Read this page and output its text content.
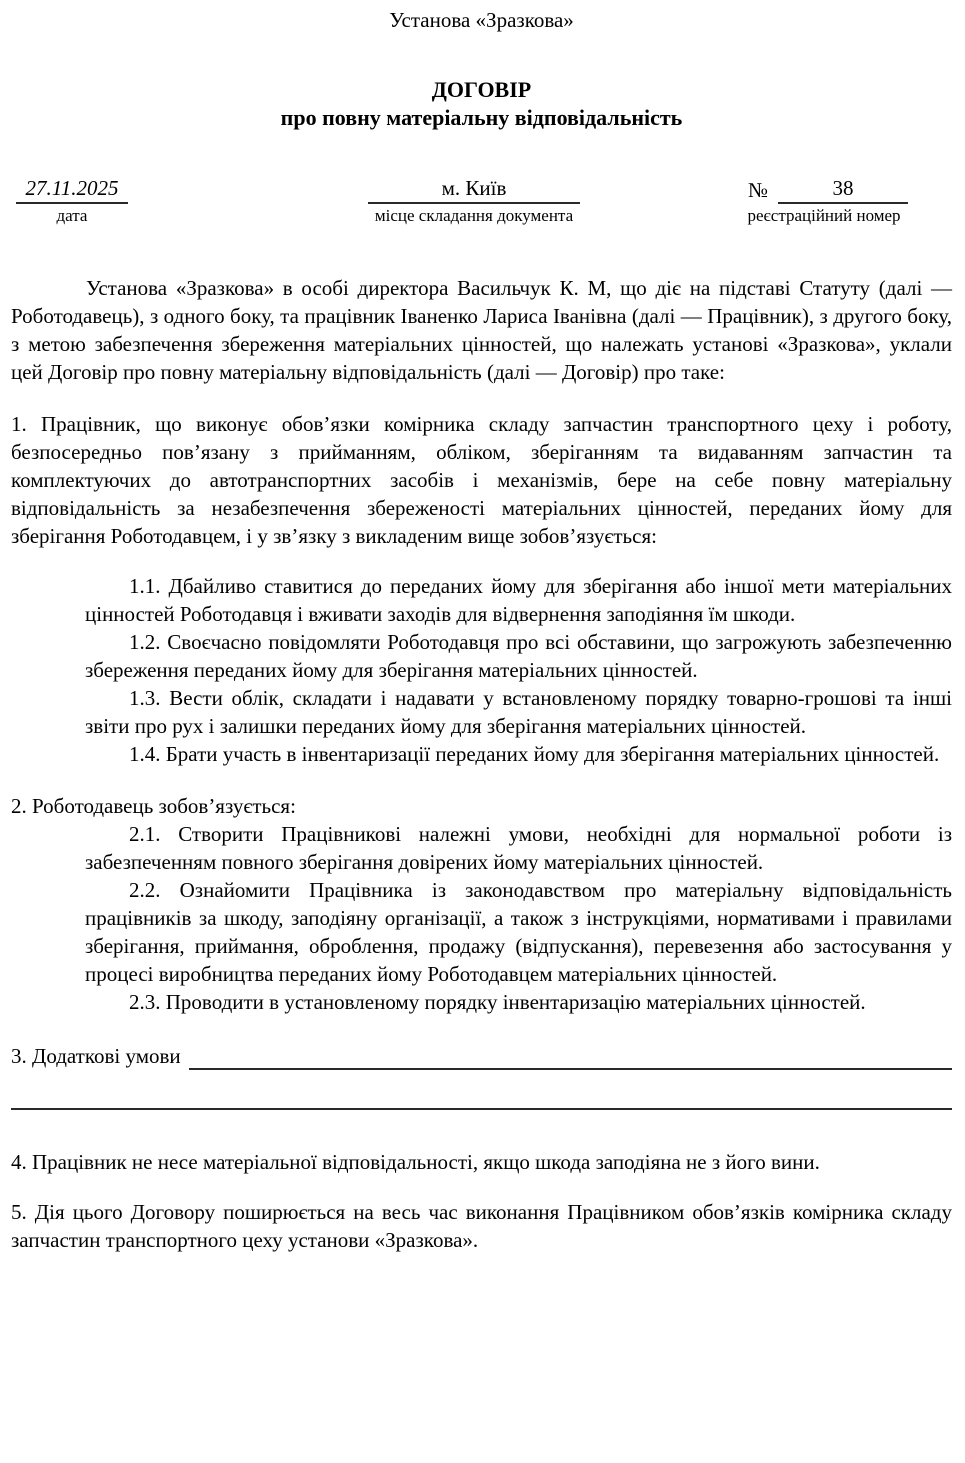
Установа «Зразкова»
ДОГОВІР
про повну матеріальну відповідальність
27.11.2025
дата
м. Київ
місце складання документа
№	38
реєстраційний номер

Установа «Зразкова» в особі директора Васильчук К. М, що діє на підставі Статуту (далі — Роботодавець), з одного боку, та працівник Іваненко Лариса Іванівна (далі — Працівник), з другого боку, з метою забезпечення збереження матеріальних цінностей, що належать установі «Зразкова», уклали цей Договір про повну матеріальну відповідальність (далі — Договір) про таке:

1. Працівник, що виконує обов’язки комірника складу запчастин транспортного цеху і роботу, безпосередньо пов’язану з прийманням, обліком, зберіганням та видаванням запчастин та комплектуючих до автотранспортних засобів і механізмів, бере на себе повну матеріальну відповідальність за незабезпечення збереженості матеріальних цінностей, переданих йому для зберігання Роботодавцем, і у зв’язку з викладеним вище зобов’язується:

1.1. Дбайливо ставитися до переданих йому для зберігання або іншої мети матеріальних цінностей Роботодавця і вживати заходів для відвернення заподіяння їм шкоди.

1.2. Своєчасно повідомляти Роботодавця про всі обставини, що загрожують забезпеченню збереження переданих йому для зберігання матеріальних цінностей.

1.3. Вести облік, складати і надавати у встановленому порядку товарно-грошові та інші звіти про рух і залишки переданих йому для зберігання матеріальних цінностей.

1.4. Брати участь в інвентаризації переданих йому для зберігання матеріальних цінностей.

2. Роботодавець зобов’язується:

2.1. Створити Працівникові належні умови, необхідні для нормальної роботи із забезпеченням повного зберігання довірених йому матеріальних цінностей.

2.2. Ознайомити Працівника із законодавством про матеріальну відповідальність працівників за шкоду, заподіяну організації, а також з інструкціями, нормативами і правилами зберігання, приймання, оброблення, продажу (відпускання), перевезення або застосування у процесі виробництва переданих йому Роботодавцем матеріальних цінностей.

2.3. Проводити в установленому порядку інвентаризацію матеріальних цінностей.

3. Додаткові умови

4. Працівник не несе матеріальної відповідальності, якщо шкода заподіяна не з його вини.

5. Дія цього Договору поширюється на весь час виконання Працівником обов’язків комірника складу запчастин транспортного цеху установи «Зразкова».
